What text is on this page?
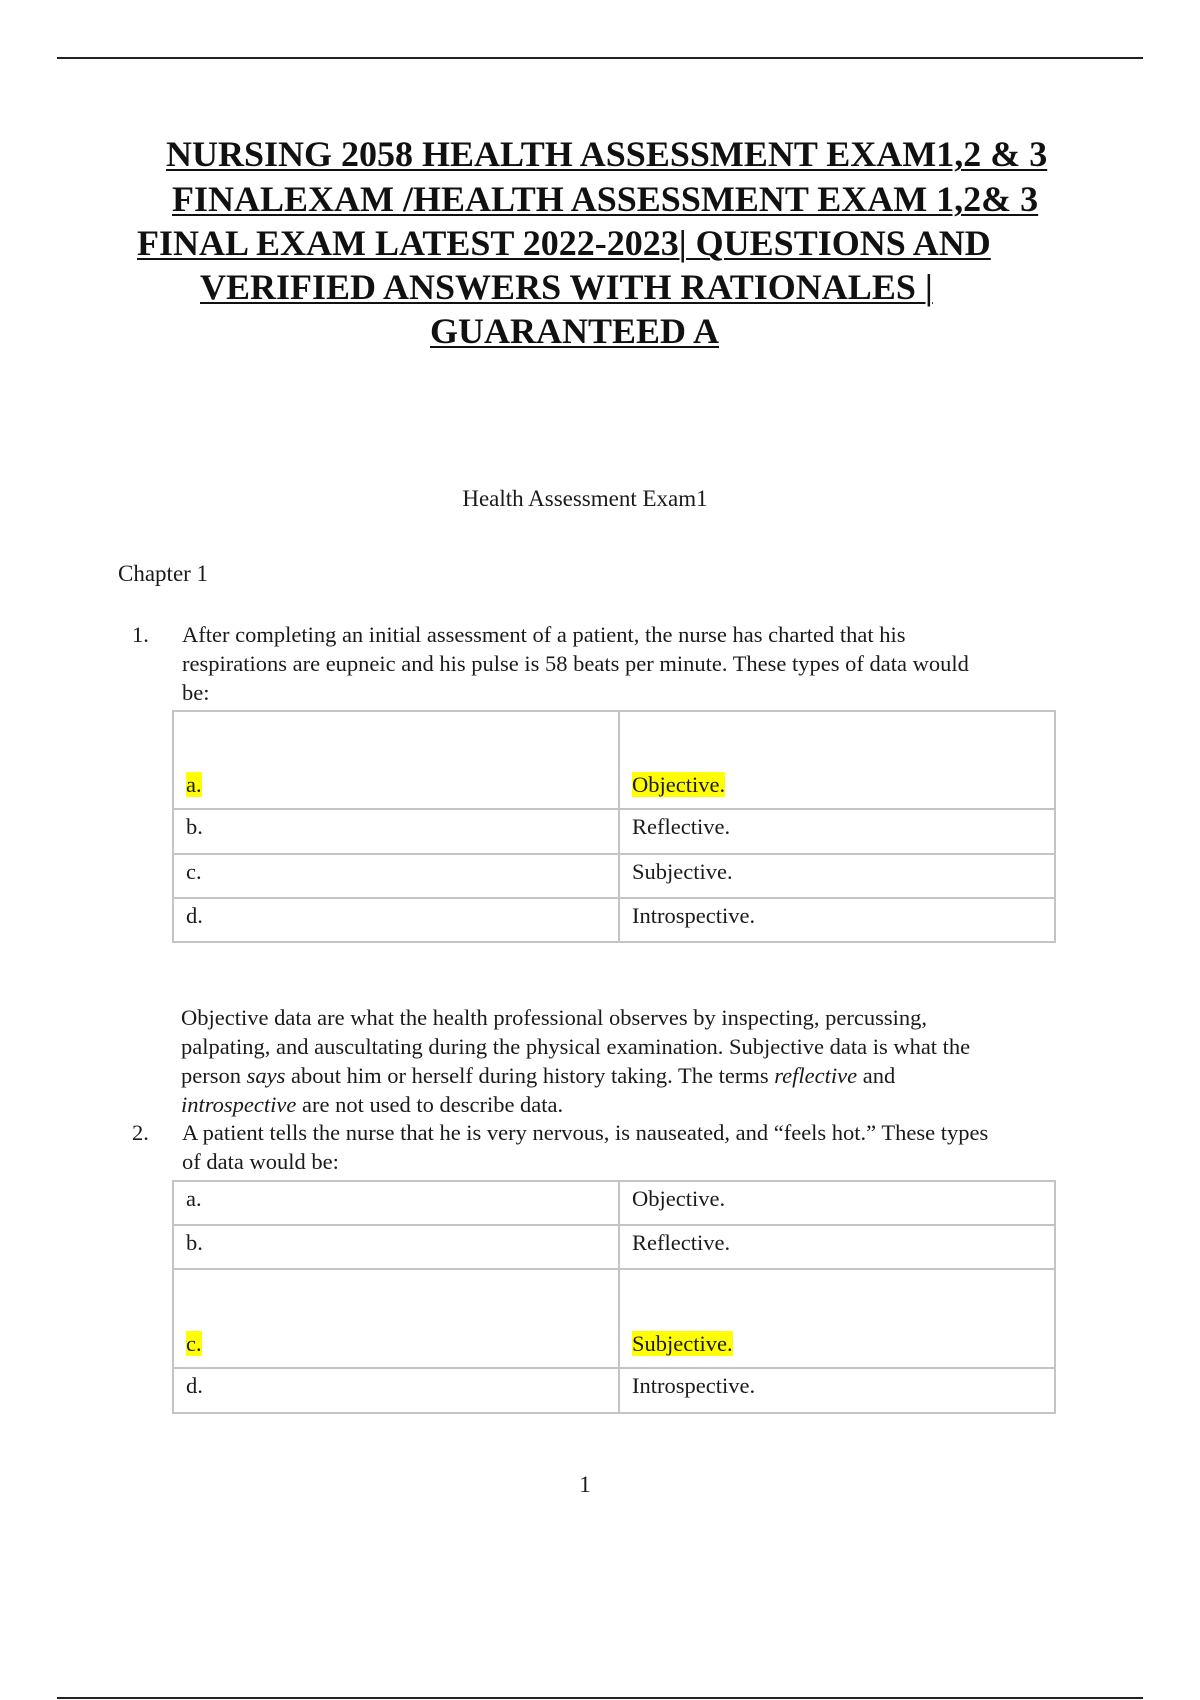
NURSING 2058 HEALTH ASSESSMENT EXAM1,2 & 3
FINALEXAM /HEALTH ASSESSMENT EXAM 1,2& 3
FINAL EXAM LATEST 2022-2023| QUESTIONS AND
VERIFIED ANSWERS WITH RATIONALES |
GUARANTEED A
Health Assessment Exam1
Chapter 1
1. After completing an initial assessment of a patient, the nurse has charted that his
respirations are eupneic and his pulse is 58 beats per minute. These types of data would
be:
a.	Objective.
b.	Reflective.
c.	Subjective.
d.	Introspective.
Objective data are what the health professional observes by inspecting, percussing,
palpating, and auscultating during the physical examination. Subjective data is what the
person says about him or herself during history taking. The terms reflective and
introspective are not used to describe data.
2. A patient tells the nurse that he is very nervous, is nauseated, and “feels hot.” These types
of data would be:
a.	Objective.
b.	Reflective.
c.	Subjective.
d.	Introspective.
1
